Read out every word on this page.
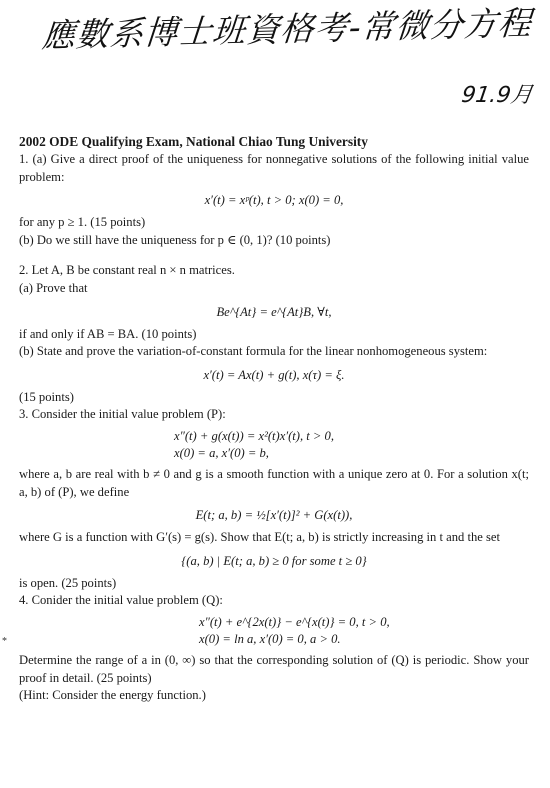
應數系博士班資格考-常微分方程
91.9月
2002 ODE Qualifying Exam, National Chiao Tung University

1. (a) Give a direct proof of the uniqueness for nonnegative solutions of the following initial value problem:

x′(t) = xᵖ(t), t > 0; x(0) = 0,

for any p ≥ 1. (15 points)

(b) Do we still have the uniqueness for p ∈ (0, 1)? (10 points)

2. Let A, B be constant real n × n matrices.

(a) Prove that

Be^{At} = e^{At}B, ∀t,

if and only if AB = BA. (10 points)

(b) State and prove the variation-of-constant formula for the linear nonhomogeneous system:

x′(t) = Ax(t) + g(t), x(τ) = ξ.

(15 points)

3. Consider the initial value problem (P):

x″(t) + g(x(t)) = x²(t)x′(t), t > 0,
x(0) = a, x′(0) = b,

where a, b are real with b ≠ 0 and g is a smooth function with a unique zero at 0. For a solution x(t; a, b) of (P), we define

E(t; a, b) = ½[x′(t)]² + G(x(t)),

where G is a function with G′(s) = g(s). Show that E(t; a, b) is strictly increasing in t and the set

{(a, b) | E(t; a, b) ≥ 0 for some t ≥ 0}

is open. (25 points)

4. Conider the initial value problem (Q):

x″(t) + e^{2x(t)} − e^{x(t)} = 0, t > 0,
x(0) = ln a, x′(0) = 0, a > 0.

Determine the range of a in (0, ∞) so that the corresponding solution of (Q) is periodic. Show your proof in detail. (25 points)

(Hint: Consider the energy function.)

*
